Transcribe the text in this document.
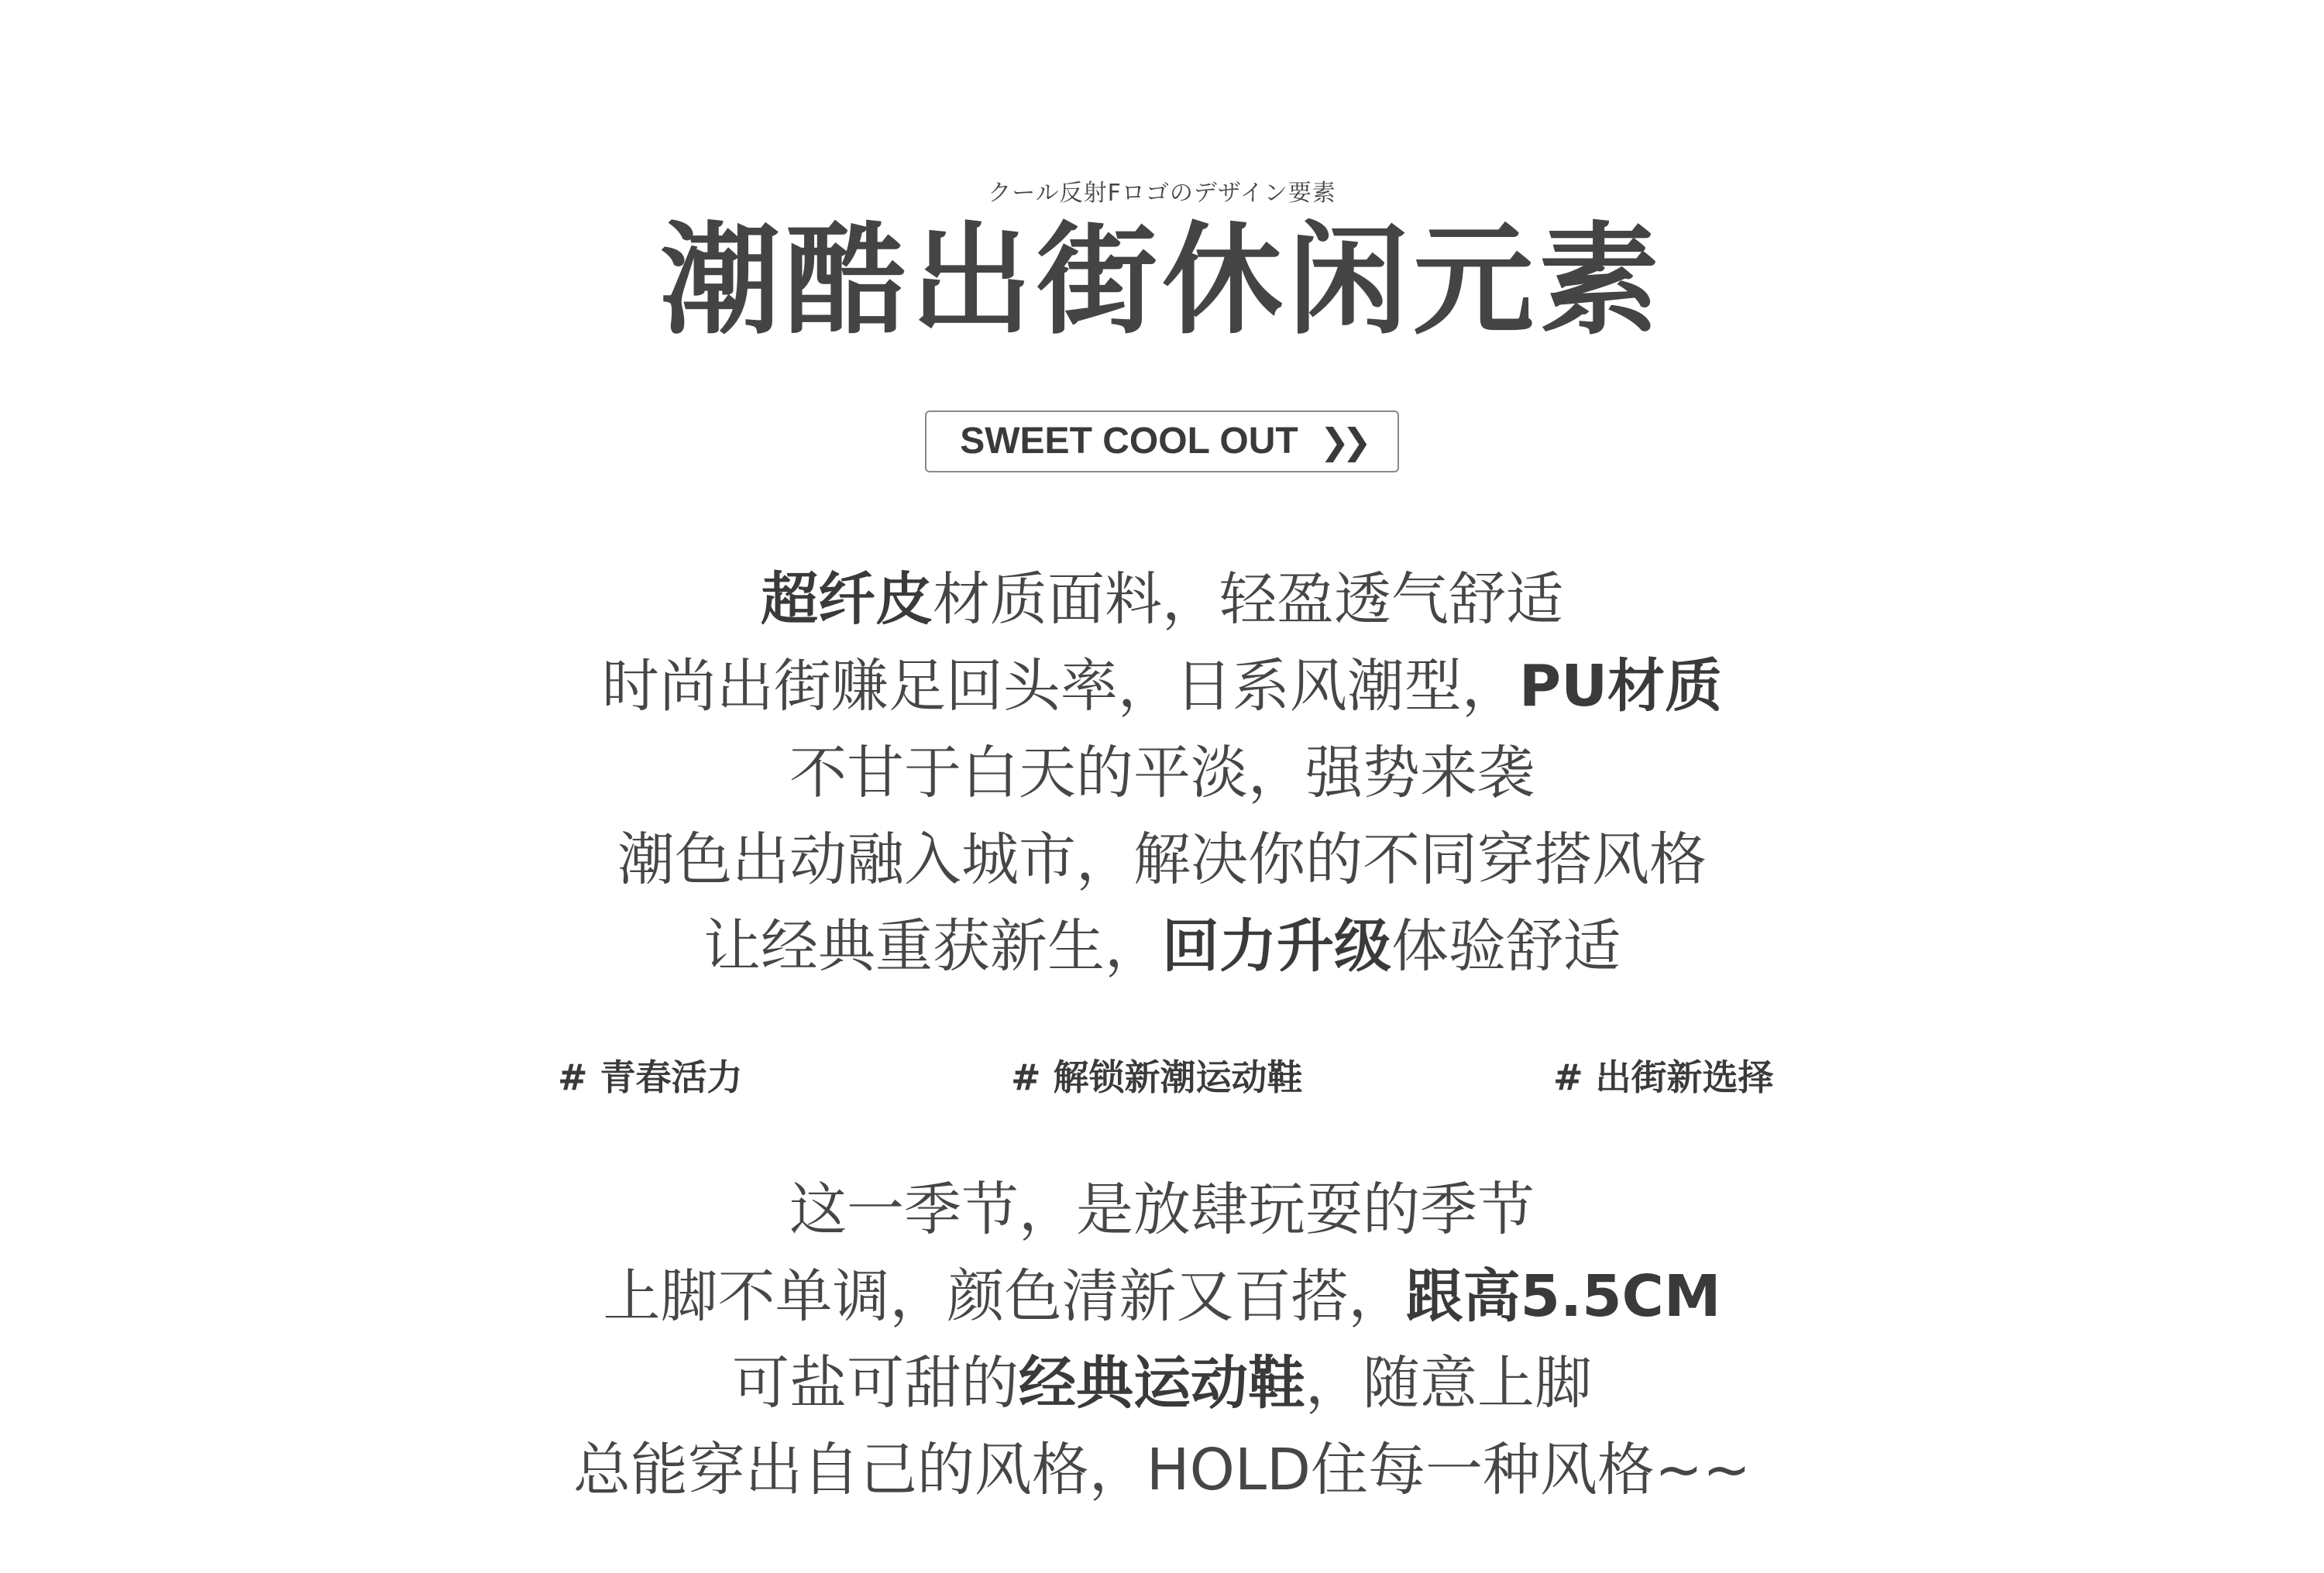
クール反射Fロゴのデザイン要素
潮酷出街休闲元素
SWEET COOL OUT ❯❯
超纤皮材质面料，轻盈透气舒适
时尚出街赚足回头率，日系风潮型，PU材质
不甘于白天的平淡，强势来袭
潮色出动融入城市，解决你的不同穿搭风格
让经典重获新生，回力升级体验舒适
# 青春活力	# 解锁新潮运动鞋	# 出街新选择
这一季节，是放肆玩耍的季节
上脚不单调，颜色清新又百搭，跟高5.5CM
可盐可甜的经典运动鞋，随意上脚
总能穿出自己的风格，HOLD住每一种风格~~
